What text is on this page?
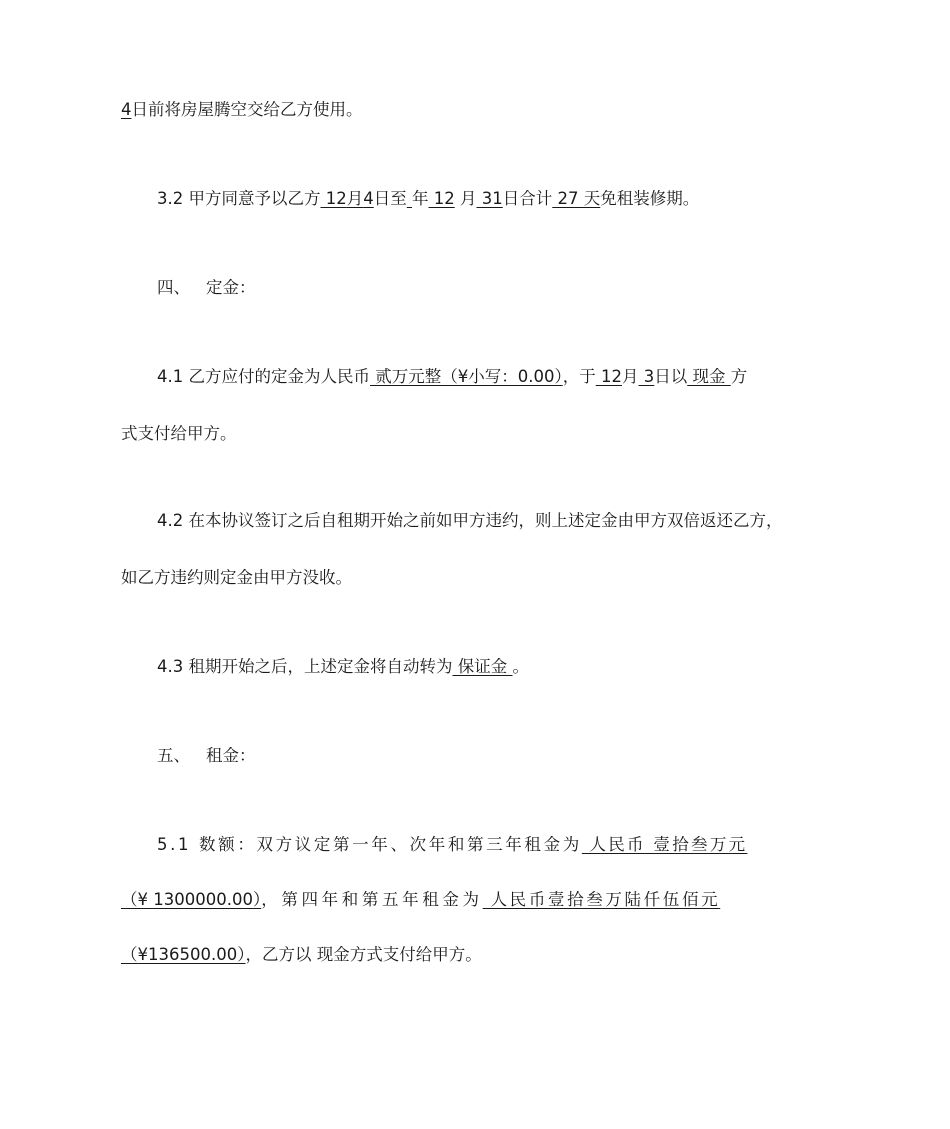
4日前将房屋腾空交给乙方使用。
3.2 甲方同意予以乙方 12月4日至 年 12 月 31日合计 27 天免租装修期。
四、 定金：
4.1 乙方应付的定金为人民币 贰万元整（¥小写：0.00），于 12月 3日以 现金 方
式支付给甲方。
4.2 在本协议签订之后自租期开始之前如甲方违约，则上述定金由甲方双倍返还乙方，
如乙方违约则定金由甲方没收。
4.3 租期开始之后，上述定金将自动转为 保证金 。
五、 租金：
5.1 数额：双方议定第一年、次年和第三年租金为 人民币 壹拾叁万元
（¥ 1300000.00），第四年和第五年租金为 人民币壹拾叁万陆仟伍佰元
（¥136500.00），乙方以 现金方式支付给甲方。
